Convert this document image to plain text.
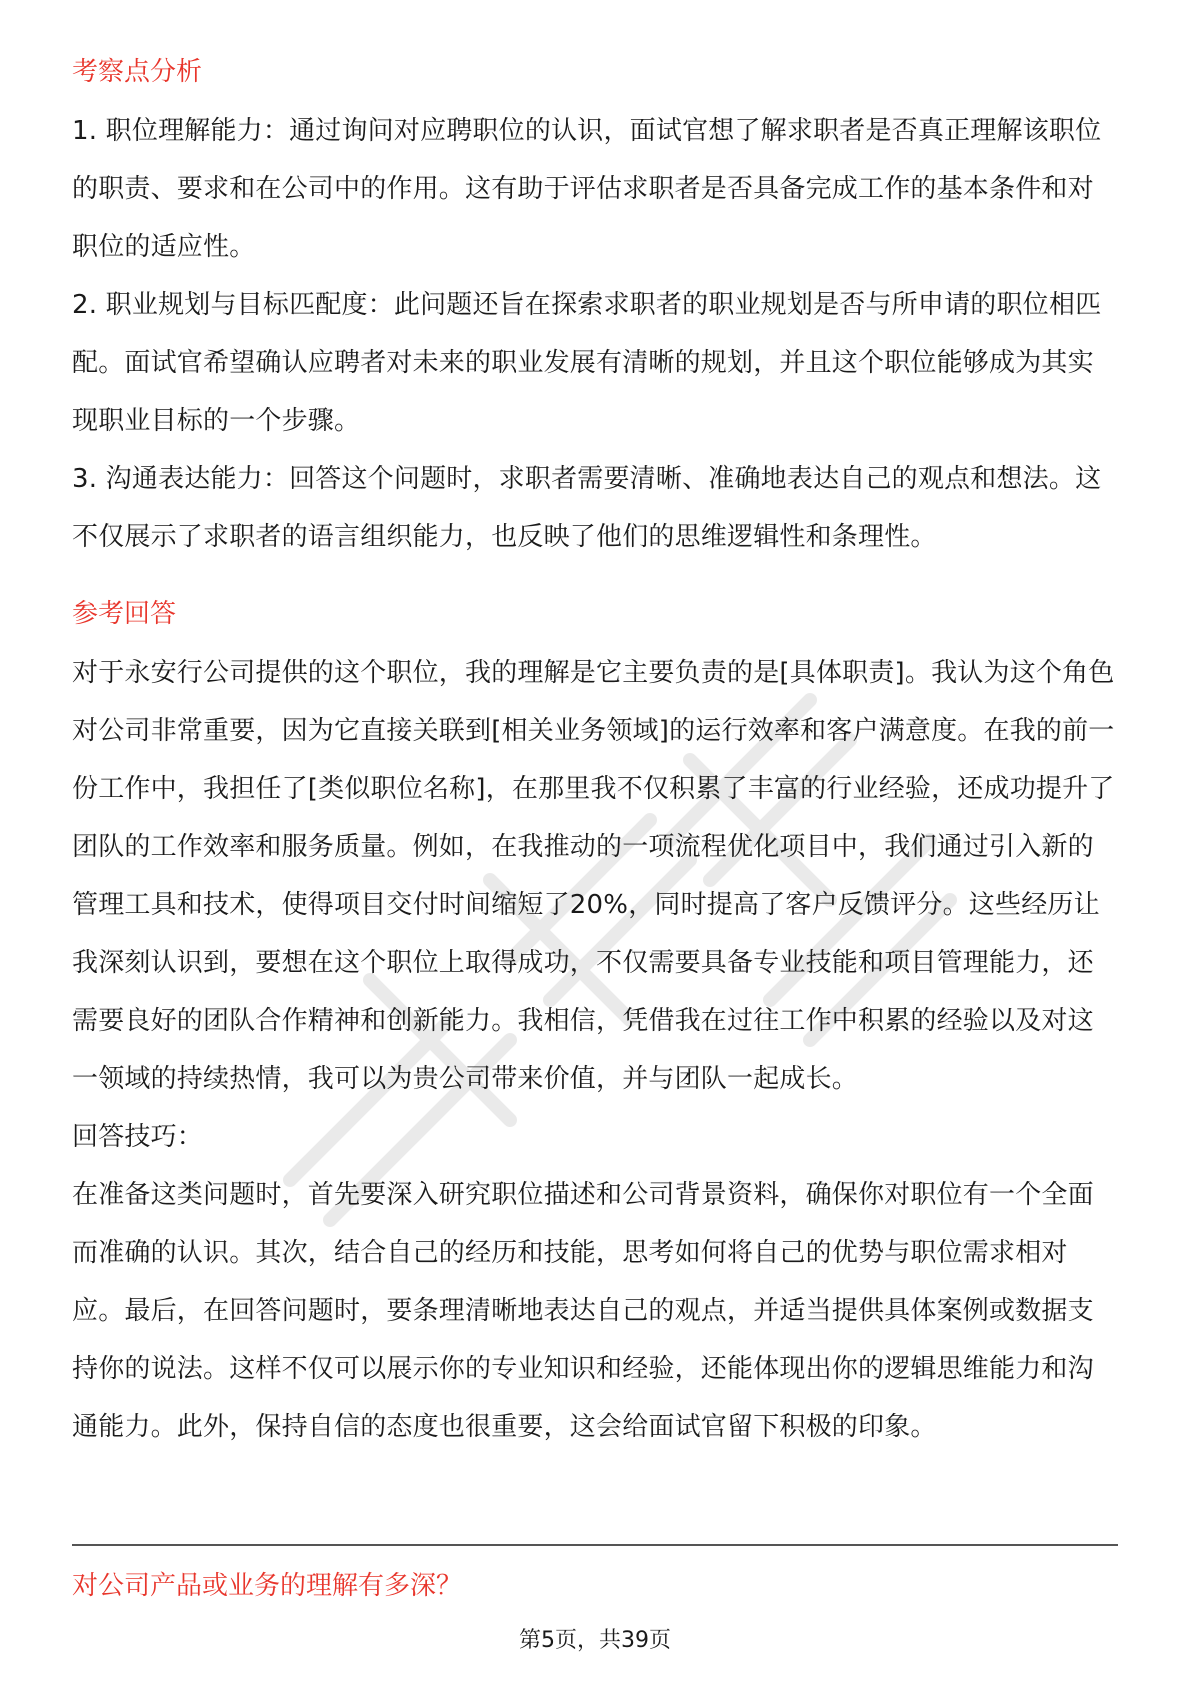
考察点分析

1. 职位理解能力：通过询问对应聘职位的认识，面试官想了解求职者是否真正理解该职位的职责、要求和在公司中的作用。这有助于评估求职者是否具备完成工作的基本条件和对职位的适应性。

2. 职业规划与目标匹配度：此问题还旨在探索求职者的职业规划是否与所申请的职位相匹配。面试官希望确认应聘者对未来的职业发展有清晰的规划，并且这个职位能够成为其实现职业目标的一个步骤。

3. 沟通表达能力：回答这个问题时，求职者需要清晰、准确地表达自己的观点和想法。这不仅展示了求职者的语言组织能力，也反映了他们的思维逻辑性和条理性。

参考回答

对于永安行公司提供的这个职位，我的理解是它主要负责的是[具体职责]。我认为这个角色对公司非常重要，因为它直接关联到[相关业务领域]的运行效率和客户满意度。在我的前一份工作中，我担任了[类似职位名称]，在那里我不仅积累了丰富的行业经验，还成功提升了团队的工作效率和服务质量。例如，在我推动的一项流程优化项目中，我们通过引入新的管理工具和技术，使得项目交付时间缩短了20%，同时提高了客户反馈评分。这些经历让我深刻认识到，要想在这个职位上取得成功，不仅需要具备专业技能和项目管理能力，还需要良好的团队合作精神和创新能力。我相信，凭借我在过往工作中积累的经验以及对这一领域的持续热情，我可以为贵公司带来价值，并与团队一起成长。

回答技巧：

在准备这类问题时，首先要深入研究职位描述和公司背景资料，确保你对职位有一个全面而准确的认识。其次，结合自己的经历和技能，思考如何将自己的优势与职位需求相对应。最后，在回答问题时，要条理清晰地表达自己的观点，并适当提供具体案例或数据支持你的说法。这样不仅可以展示你的专业知识和经验，还能体现出你的逻辑思维能力和沟通能力。此外，保持自信的态度也很重要，这会给面试官留下积极的印象。

对公司产品或业务的理解有多深？

第5页，共39页
